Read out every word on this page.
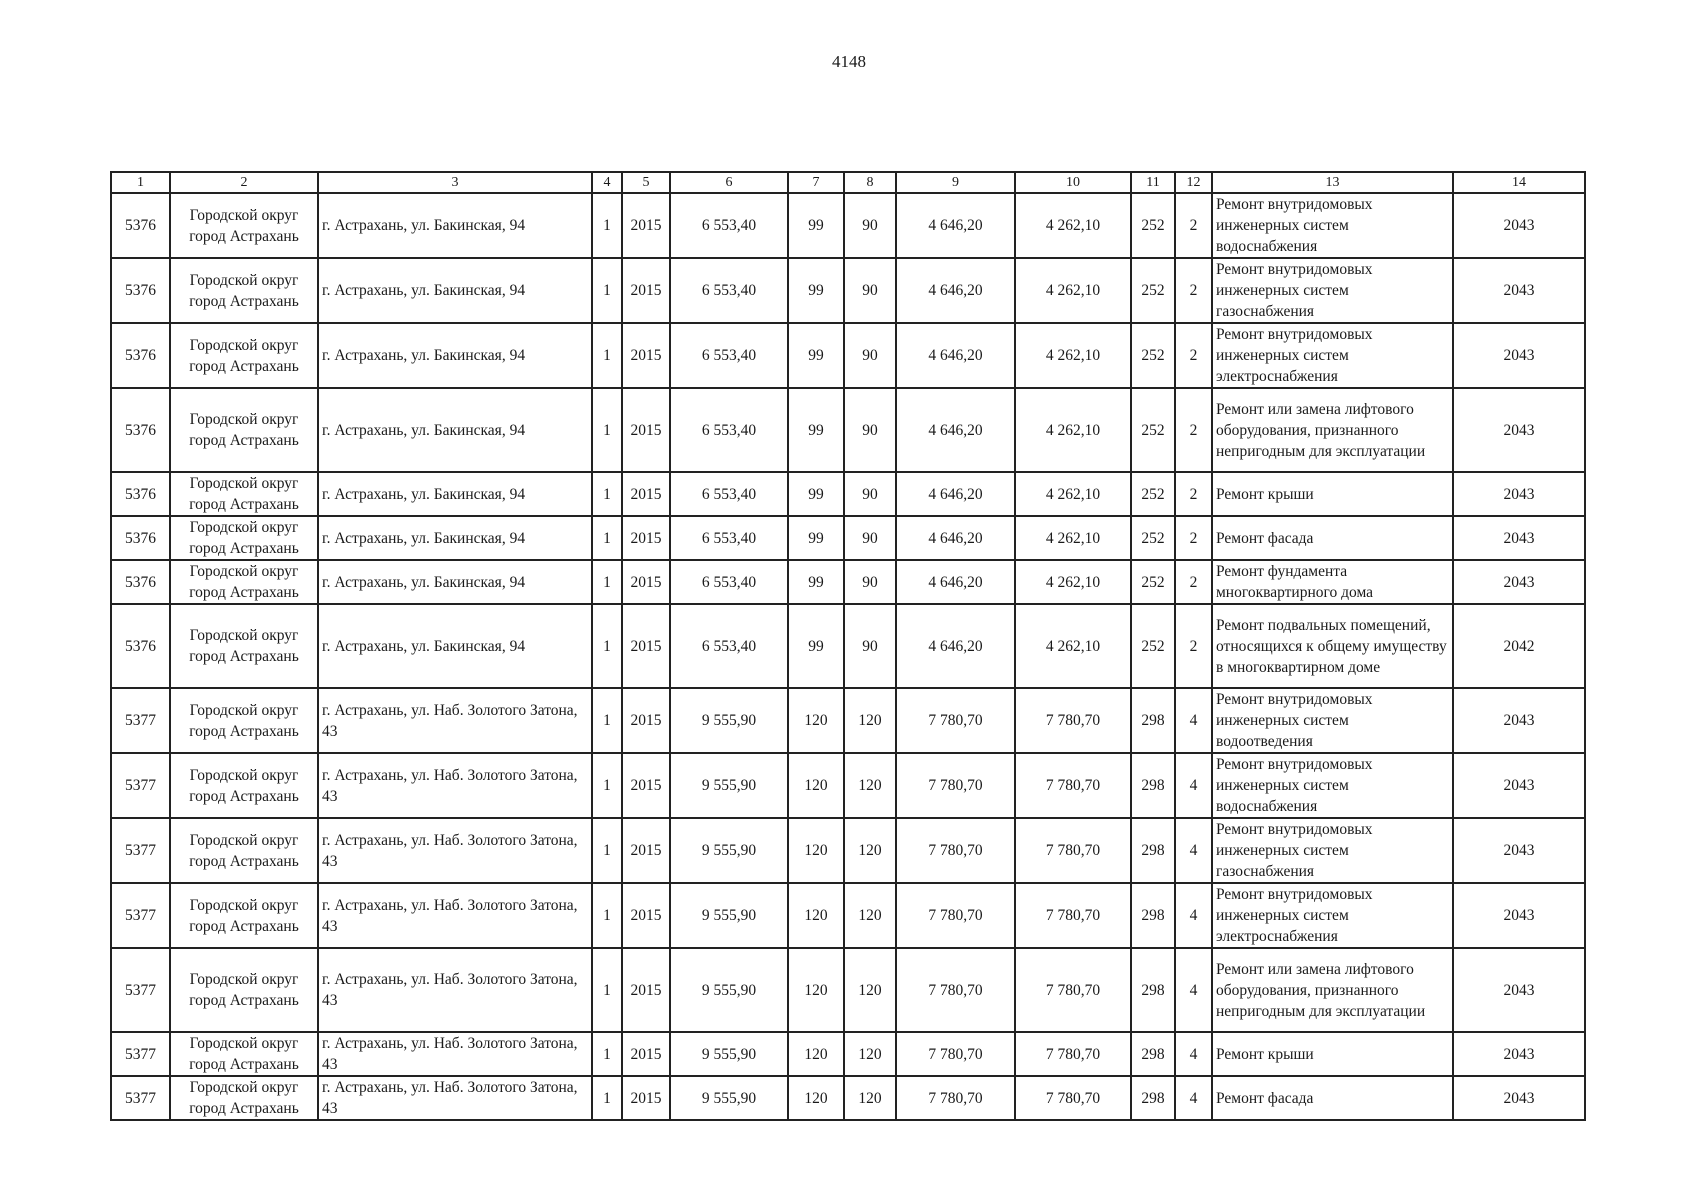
4148
1	2	3	4	5	6	7	8	9	10	11	12	13	14
5376	Городской округ город Астрахань	г. Астрахань, ул. Бакинская, 94	1	2015	6 553,40	99	90	4 646,20	4 262,10	252	2	Ремонт внутридомовых инженерных систем водоснабжения	2043
5376	Городской округ город Астрахань	г. Астрахань, ул. Бакинская, 94	1	2015	6 553,40	99	90	4 646,20	4 262,10	252	2	Ремонт внутридомовых инженерных систем газоснабжения	2043
5376	Городской округ город Астрахань	г. Астрахань, ул. Бакинская, 94	1	2015	6 553,40	99	90	4 646,20	4 262,10	252	2	Ремонт внутридомовых инженерных систем электроснабжения	2043
5376	Городской округ город Астрахань	г. Астрахань, ул. Бакинская, 94	1	2015	6 553,40	99	90	4 646,20	4 262,10	252	2	Ремонт или замена лифтового оборудования, признанного непригодным для эксплуатации	2043
5376	Городской округ город Астрахань	г. Астрахань, ул. Бакинская, 94	1	2015	6 553,40	99	90	4 646,20	4 262,10	252	2	Ремонт крыши	2043
5376	Городской округ город Астрахань	г. Астрахань, ул. Бакинская, 94	1	2015	6 553,40	99	90	4 646,20	4 262,10	252	2	Ремонт фасада	2043
5376	Городской округ город Астрахань	г. Астрахань, ул. Бакинская, 94	1	2015	6 553,40	99	90	4 646,20	4 262,10	252	2	Ремонт фундамента многоквартирного дома	2043
5376	Городской округ город Астрахань	г. Астрахань, ул. Бакинская, 94	1	2015	6 553,40	99	90	4 646,20	4 262,10	252	2	Ремонт подвальных помещений, относящихся к общему имуществу в многоквартирном доме	2042
5377	Городской округ город Астрахань	г. Астрахань, ул. Наб. Золотого Затона, 43	1	2015	9 555,90	120	120	7 780,70	7 780,70	298	4	Ремонт внутридомовых инженерных систем водоотведения	2043
5377	Городской округ город Астрахань	г. Астрахань, ул. Наб. Золотого Затона, 43	1	2015	9 555,90	120	120	7 780,70	7 780,70	298	4	Ремонт внутридомовых инженерных систем водоснабжения	2043
5377	Городской округ город Астрахань	г. Астрахань, ул. Наб. Золотого Затона, 43	1	2015	9 555,90	120	120	7 780,70	7 780,70	298	4	Ремонт внутридомовых инженерных систем газоснабжения	2043
5377	Городской округ город Астрахань	г. Астрахань, ул. Наб. Золотого Затона, 43	1	2015	9 555,90	120	120	7 780,70	7 780,70	298	4	Ремонт внутридомовых инженерных систем электроснабжения	2043
5377	Городской округ город Астрахань	г. Астрахань, ул. Наб. Золотого Затона, 43	1	2015	9 555,90	120	120	7 780,70	7 780,70	298	4	Ремонт или замена лифтового оборудования, признанного непригодным для эксплуатации	2043
5377	Городской округ город Астрахань	г. Астрахань, ул. Наб. Золотого Затона, 43	1	2015	9 555,90	120	120	7 780,70	7 780,70	298	4	Ремонт крыши	2043
5377	Городской округ город Астрахань	г. Астрахань, ул. Наб. Золотого Затона, 43	1	2015	9 555,90	120	120	7 780,70	7 780,70	298	4	Ремонт фасада	2043
